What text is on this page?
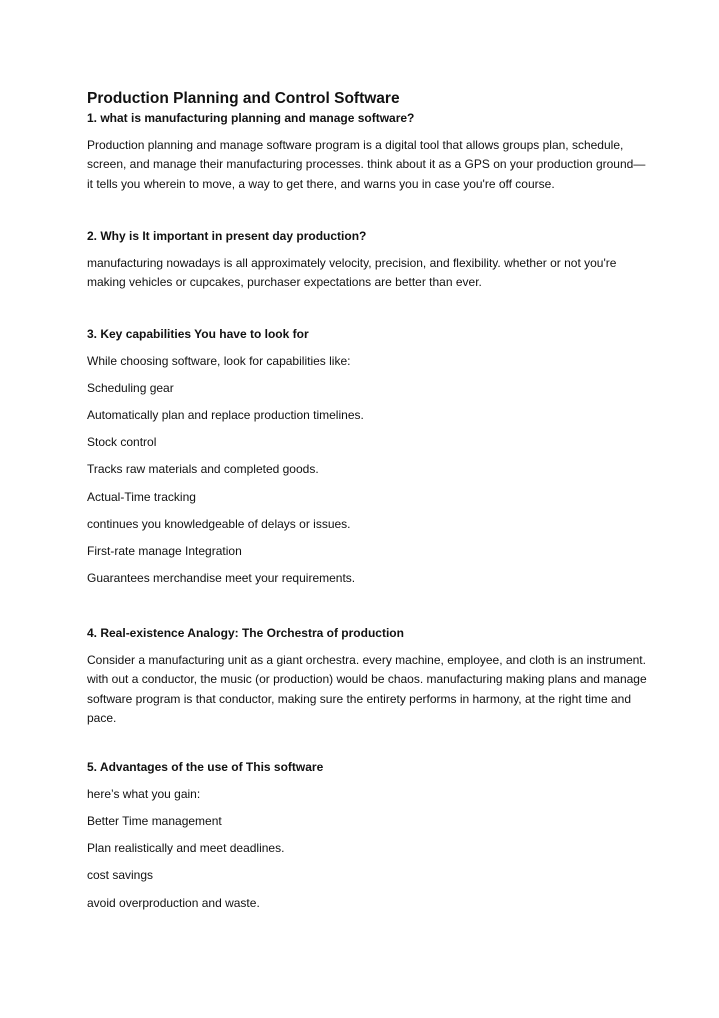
Production Planning and Control Software
1. what is manufacturing planning and manage software?

Production planning and manage software program is a digital tool that allows groups plan, schedule, screen, and manage their manufacturing processes. think about it as a GPS on your production ground—it tells you wherein to move, a way to get there, and warns you in case you're off course.

2. Why is It important in present day production?

manufacturing nowadays is all approximately velocity, precision, and flexibility. whether or not you're making vehicles or cupcakes, purchaser expectations are better than ever.

3. Key capabilities You have to look for

While choosing software, look for capabilities like:

Scheduling gear

Automatically plan and replace production timelines.

Stock control

Tracks raw materials and completed goods.

Actual-Time tracking

continues you knowledgeable of delays or issues.

First-rate manage Integration

Guarantees merchandise meet your requirements.

4. Real-existence Analogy: The Orchestra of production

Consider a manufacturing unit as a giant orchestra. every machine, employee, and cloth is an instrument. with out a conductor, the music (or production) would be chaos. manufacturing making plans and manage software program is that conductor, making sure the entirety performs in harmony, at the right time and pace.

5. Advantages of the use of This software

here’s what you gain:

Better Time management

Plan realistically and meet deadlines.

cost savings

avoid overproduction and waste.
